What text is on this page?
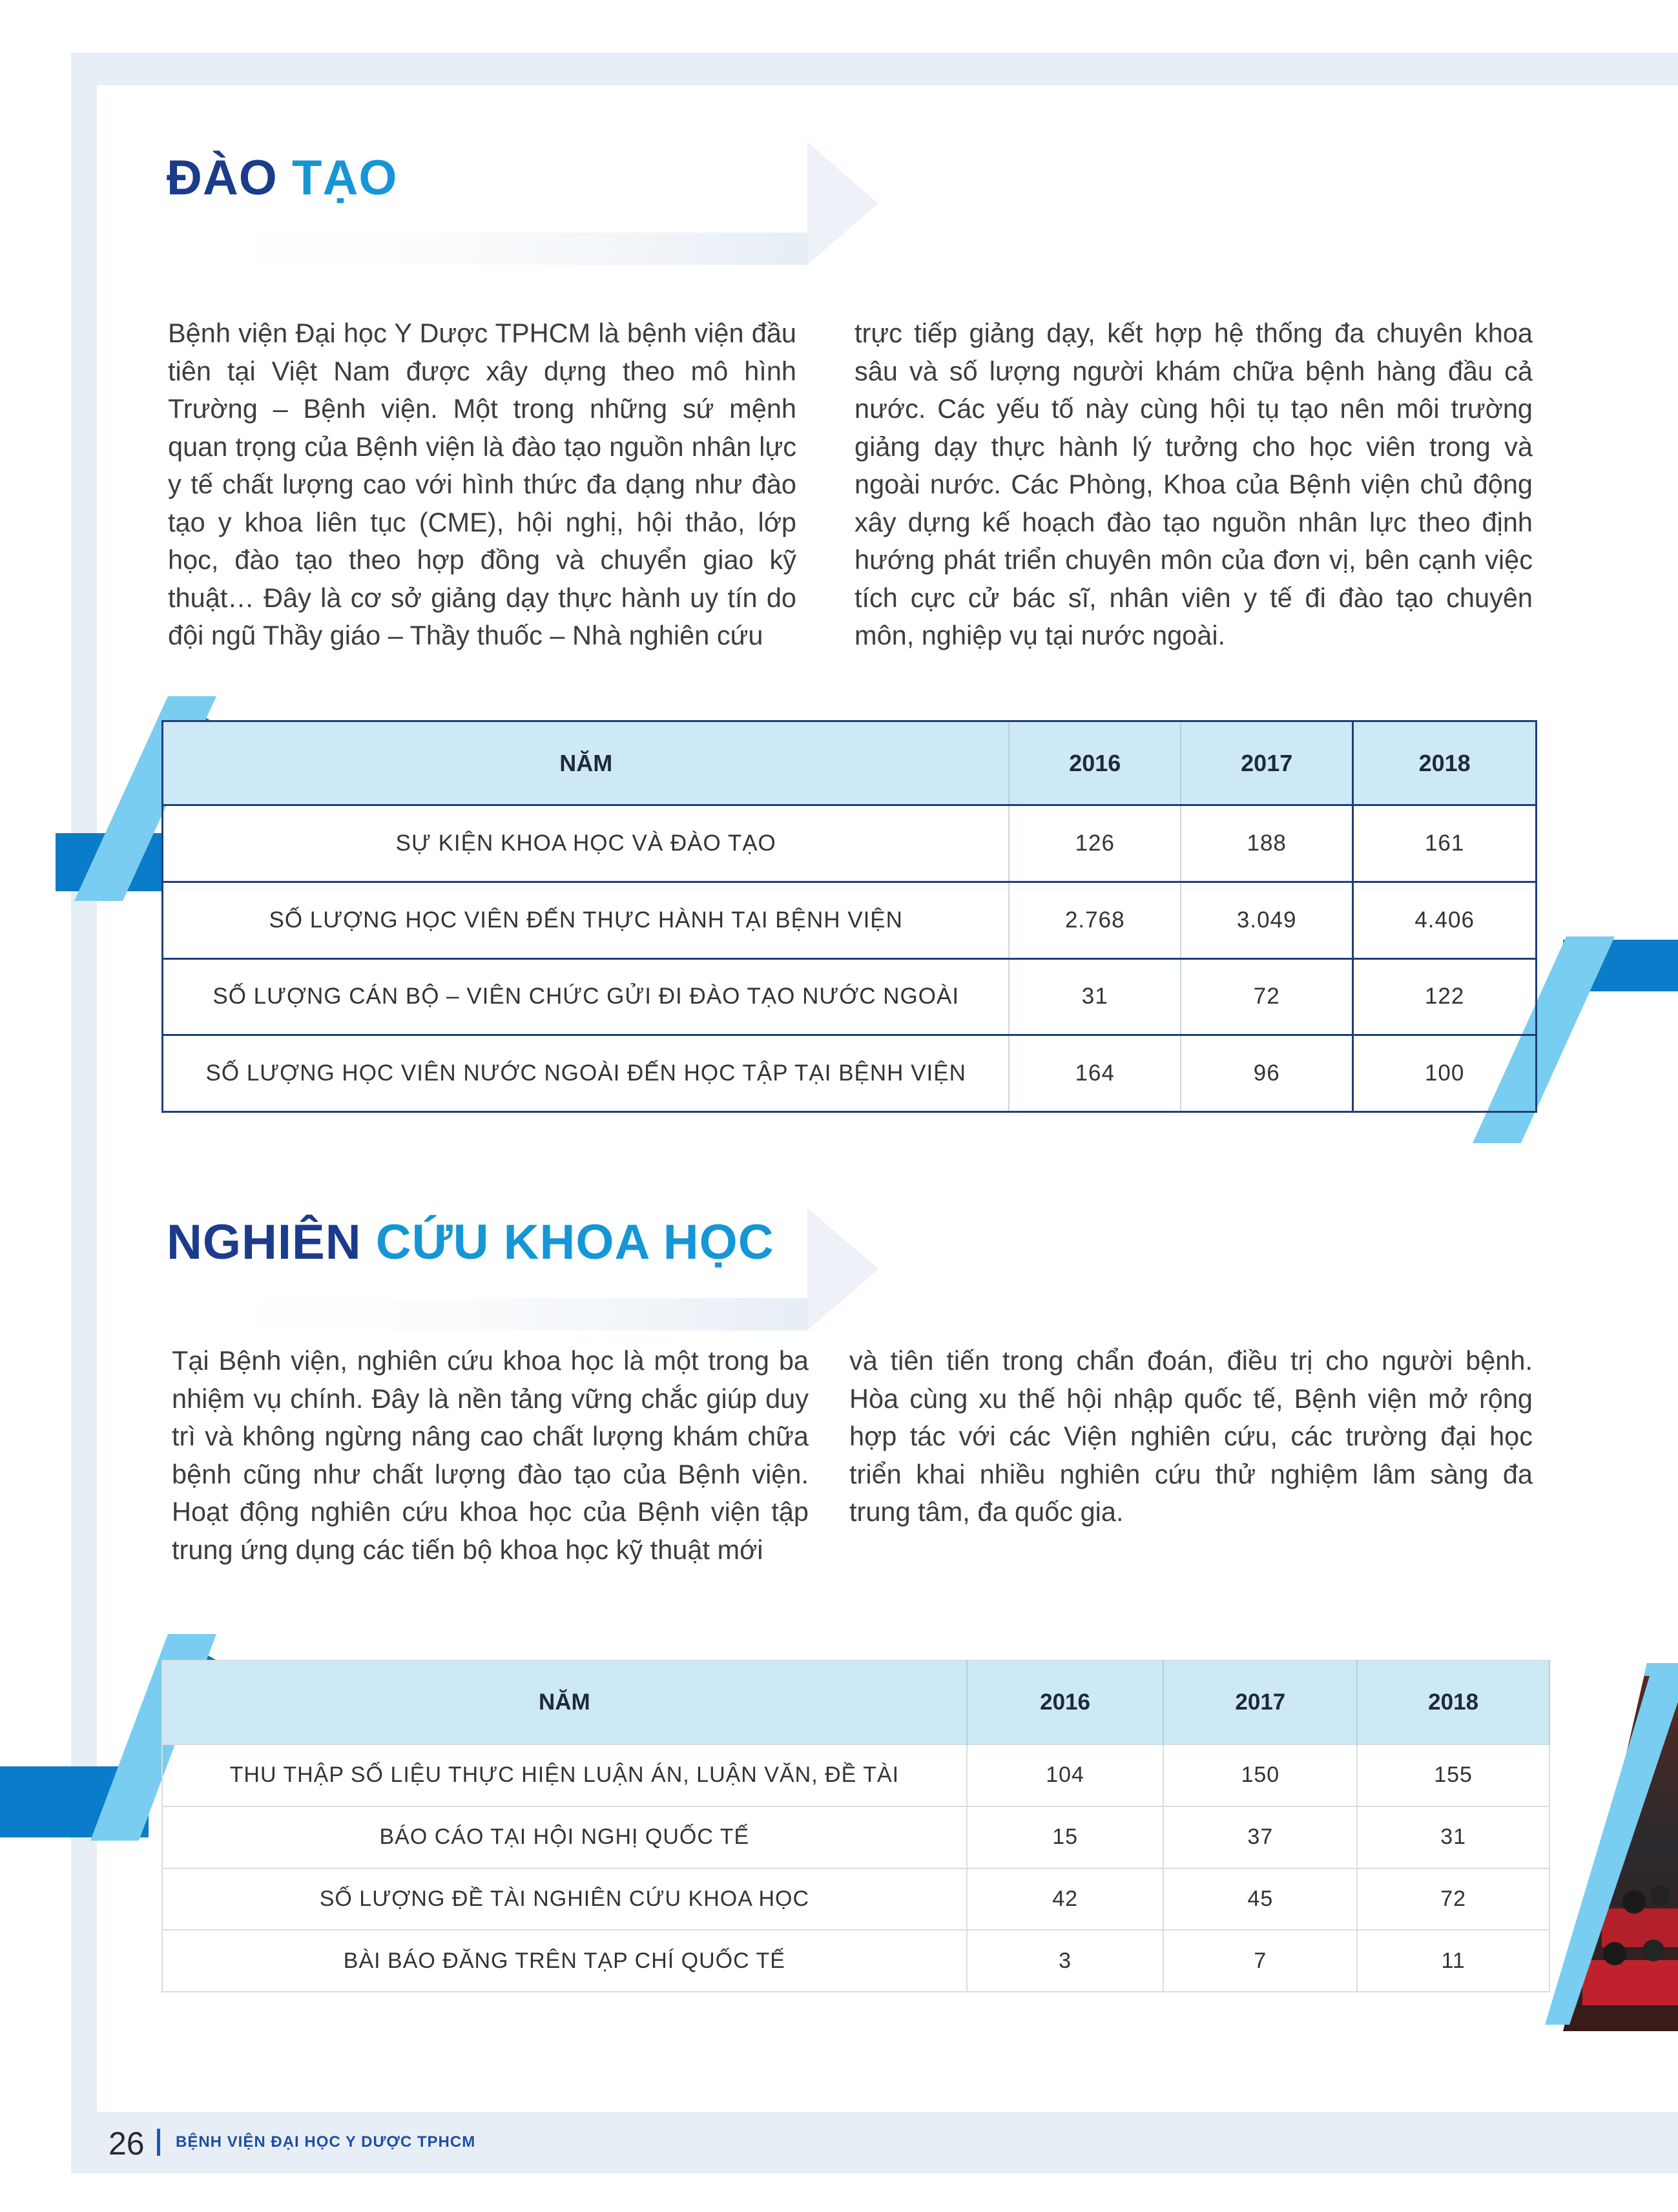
ĐÀO TẠO
Bệnh viện Đại học Y Dược TPHCM là bệnh viện đầu tiên tại Việt Nam được xây dựng theo mô hình Trường – Bệnh viện. Một trong những sứ mệnh quan trọng của Bệnh viện là đào tạo nguồn nhân lực y tế chất lượng cao với hình thức đa dạng như đào tạo y khoa liên tục (CME), hội nghị, hội thảo, lớp học, đào tạo theo hợp đồng và chuyển giao kỹ thuật… Đây là cơ sở giảng dạy thực hành uy tín do đội ngũ Thầy giáo – Thầy thuốc – Nhà nghiên cứu
trực tiếp giảng dạy, kết hợp hệ thống đa chuyên khoa sâu và số lượng người khám chữa bệnh hàng đầu cả nước. Các yếu tố này cùng hội tụ tạo nên môi trường giảng dạy thực hành lý tưởng cho học viên trong và ngoài nước. Các Phòng, Khoa của Bệnh viện chủ động xây dựng kế hoạch đào tạo nguồn nhân lực theo định hướng phát triển chuyên môn của đơn vị, bên cạnh việc tích cực cử bác sĩ, nhân viên y tế đi đào tạo chuyên môn, nghiệp vụ tại nước ngoài.
NĂM	2016	2017	2018
SỰ KIỆN KHOA HỌC VÀ ĐÀO TẠO	126	188	161
SỐ LƯỢNG HỌC VIÊN ĐẾN THỰC HÀNH TẠI BỆNH VIỆN	2.768	3.049	4.406
SỐ LƯỢNG CÁN BỘ – VIÊN CHỨC GỬI ĐI ĐÀO TẠO NƯỚC NGOÀI	31	72	122
SỐ LƯỢNG HỌC VIÊN NƯỚC NGOÀI ĐẾN HỌC TẬP TẠI BỆNH VIỆN	164	96	100
NGHIÊN CỨU KHOA HỌC
Tại Bệnh viện, nghiên cứu khoa học là một trong ba nhiệm vụ chính. Đây là nền tảng vững chắc giúp duy trì và không ngừng nâng cao chất lượng khám chữa bệnh cũng như chất lượng đào tạo của Bệnh viện. Hoạt động nghiên cứu khoa học của Bệnh viện tập trung ứng dụng các tiến bộ khoa học kỹ thuật mới
và tiên tiến trong chẩn đoán, điều trị cho người bệnh. Hòa cùng xu thế hội nhập quốc tế, Bệnh viện mở rộng hợp tác với các Viện nghiên cứu, các trường đại học triển khai nhiều nghiên cứu thử nghiệm lâm sàng đa trung tâm, đa quốc gia.
NĂM	2016	2017	2018
THU THẬP SỐ LIỆU THỰC HIỆN LUẬN ÁN, LUẬN VĂN, ĐỀ TÀI	104	150	155
BÁO CÁO TẠI HỘI NGHỊ QUỐC TẾ	15	37	31
SỐ LƯỢNG ĐỀ TÀI NGHIÊN CỨU KHOA HỌC	42	45	72
BÀI BÁO ĐĂNG TRÊN TẠP CHÍ QUỐC TẾ	3	7	11
26 BỆNH VIỆN ĐẠI HỌC Y DƯỢC TPHCM
